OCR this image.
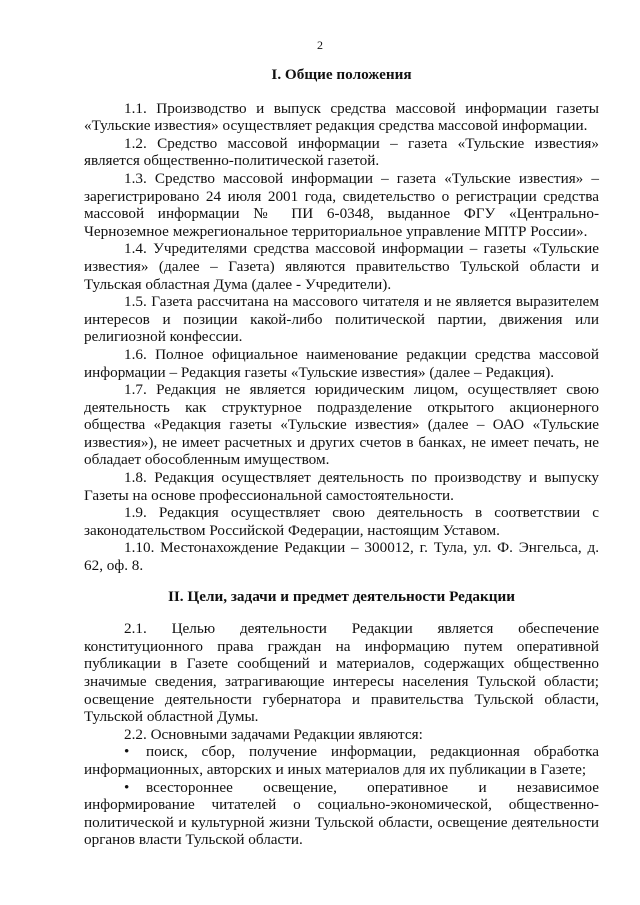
2
I. Общие положения

1.1. Производство и выпуск средства массовой информации газеты «Тульские известия» осуществляет редакция средства массовой информации.

1.2. Средство массовой информации – газета «Тульские известия» является общественно-политической газетой.

1.3. Средство массовой информации – газета «Тульские известия» – зарегистрировано 24 июля 2001 года, свидетельство о регистрации средства массовой информации № ПИ 6-0348, выданное ФГУ «Центрально-Черноземное межрегиональное территориальное управление МПТР России».

1.4. Учредителями средства массовой информации – газеты «Тульские известия» (далее – Газета) являются правительство Тульской области и Тульская областная Дума (далее - Учредители).

1.5. Газета рассчитана на массового читателя и не является выразителем интересов и позиции какой-либо политической партии, движения или религиозной конфессии.

1.6. Полное официальное наименование редакции средства массовой информации – Редакция газеты «Тульские известия» (далее – Редакция).

1.7. Редакция не является юридическим лицом, осуществляет свою деятельность как структурное подразделение открытого акционерного общества «Редакция газеты «Тульские известия» (далее – ОАО «Тульские известия»), не имеет расчетных и других счетов в банках, не имеет печать, не обладает обособленным имуществом.

1.8. Редакция осуществляет деятельность по производству и выпуску Газеты на основе профессиональной самостоятельности.

1.9. Редакция осуществляет свою деятельность в соответствии с законодательством Российской Федерации, настоящим Уставом.

1.10. Местонахождение Редакции – 300012, г. Тула, ул. Ф. Энгельса, д. 62, оф. 8.

II. Цели, задачи и предмет деятельности Редакции

2.1. Целью деятельности Редакции является обеспечение конституционного права граждан на информацию путем оперативной публикации в Газете сообщений и материалов, содержащих общественно значимые сведения, затрагивающие интересы населения Тульской области; освещение деятельности губернатора и правительства Тульской области, Тульской областной Думы.

2.2. Основными задачами Редакции являются:

• поиск, сбор, получение информации, редакционная обработка информационных, авторских и иных материалов для их публикации в Газете;
• всестороннее освещение, оперативное и независимое информирование читателей о социально-экономической, общественно-политической и культурной жизни Тульской области, освещение деятельности органов власти Тульской области.
